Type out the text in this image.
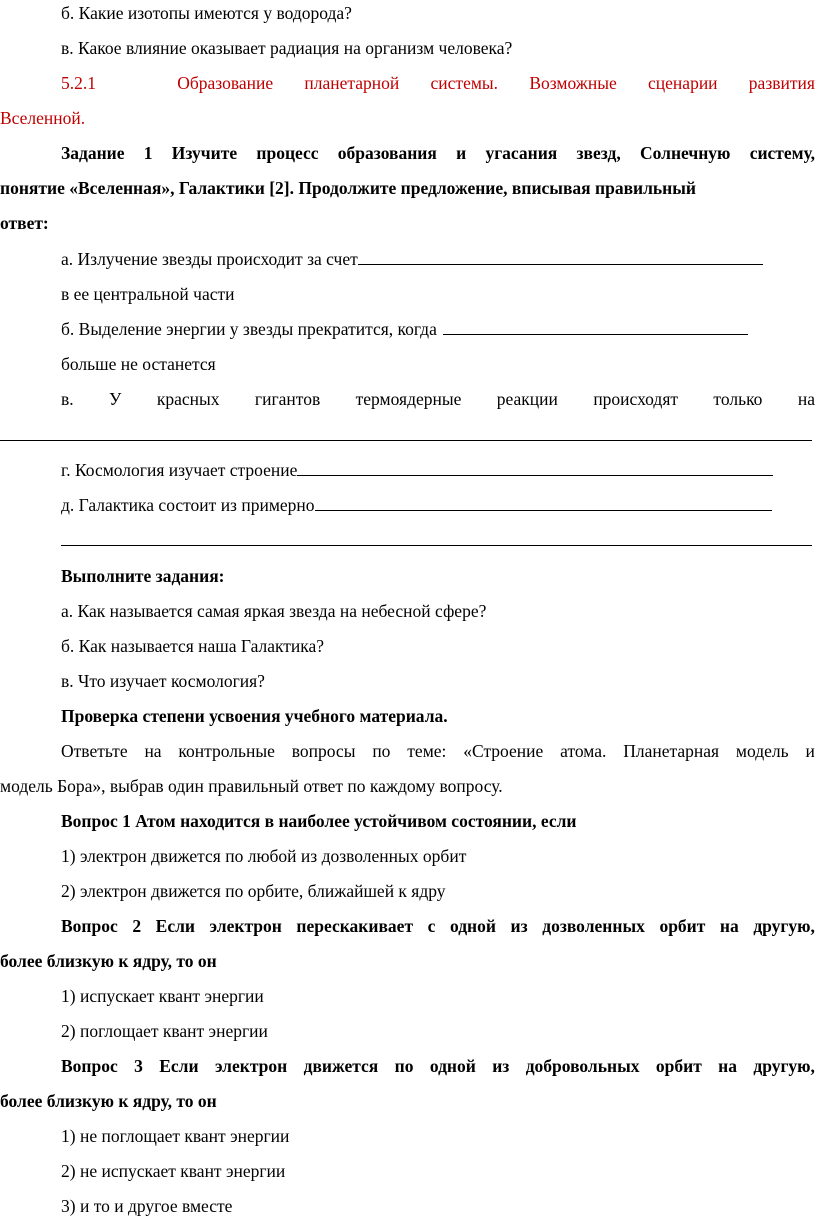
б. Какие изотопы имеются у водорода?
в. Какое влияние оказывает радиация на организм человека?
5.2.1	Образование планетарной системы. Возможные сценарии развития
Вселенной.
Задание 1 Изучите процесс образования и угасания звезд, Солнечную систему,
понятие «Вселенная», Галактики [2]. Продолжите предложение, вписывая правильный
ответ:
а. Излучение звезды происходит за счет
в ее центральной части
б. Выделение энергии у звезды прекратится, когда
больше не останется
в. У красных гигантов термоядерные реакции происходят только на
г. Космология изучает строение
д. Галактика состоит из примерно
Выполните задания:
а. Как называется самая яркая звезда на небесной сфере?
б. Как называется наша Галактика?
в. Что изучает космология?
Проверка степени усвоения учебного материала.
Ответьте на контрольные вопросы по теме: «Строение атома. Планетарная модель и
модель Бора», выбрав один правильный ответ по каждому вопросу.
Вопрос 1 Атом находится в наиболее устойчивом состоянии, если
1) электрон движется по любой из дозволенных орбит
2) электрон движется по орбите, ближайшей к ядру
Вопрос 2 Если электрон перескакивает с одной из дозволенных орбит на другую,
более близкую к ядру, то он
1) испускает квант энергии
2) поглощает квант энергии
Вопрос 3 Если электрон движется по одной из добровольных орбит на другую,
более близкую к ядру, то он
1) не поглощает квант энергии
2) не испускает квант энергии
3) и то и другое вместе
